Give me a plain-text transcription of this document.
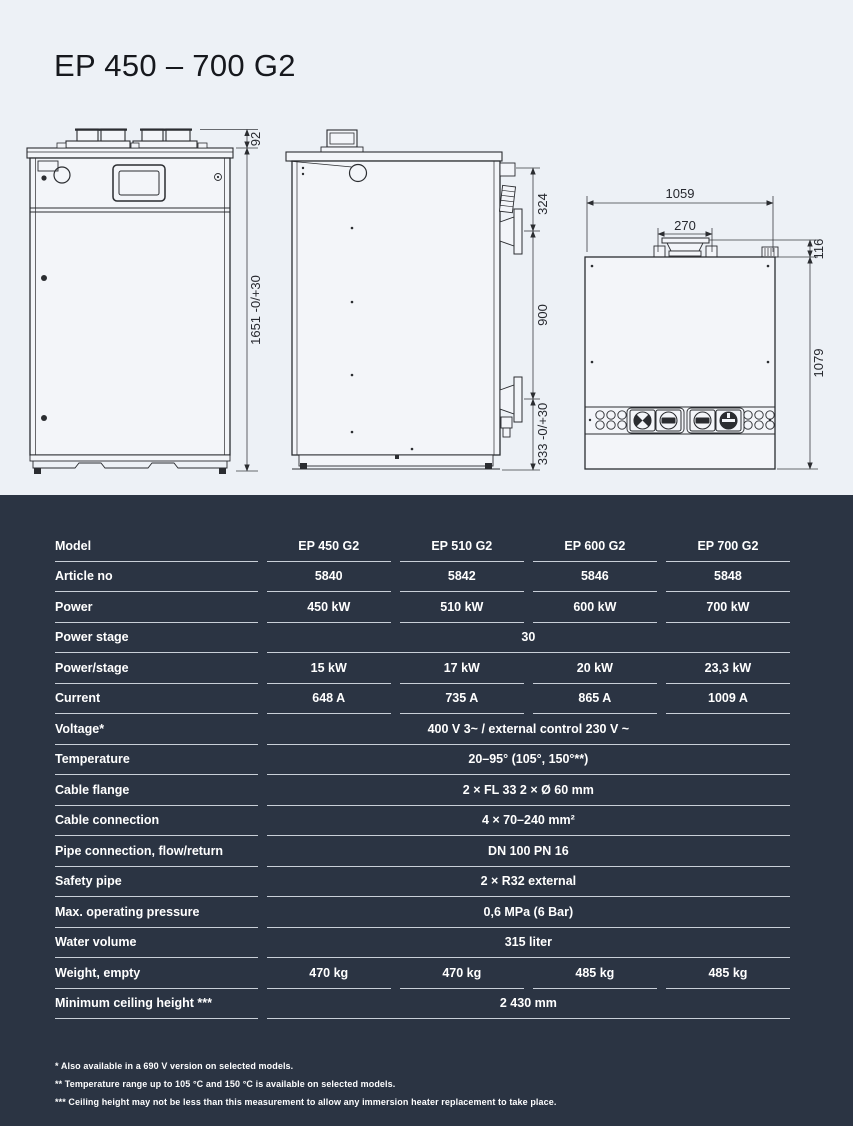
EP 450 – 700 G2
92
1651 -0/+30
324
900
333 -0/+30
1059
270
116
1079
Model	EP 450 G2	EP 510 G2	EP 600 G2	EP 700 G2
Article no	5840	5842	5846	5848
Power	450 kW	510 kW	600 kW	700 kW
Power stage	30			
Power/stage	15 kW	17 kW	20 kW	23,3 kW
Current	648 A	735 A	865 A	1009 A
Voltage*	400 V 3~ / external control 230 V ~			
Temperature	20–95° (105°, 150°**)			
Cable flange	2 × FL 33 2 × Ø 60 mm			
Cable connection	4 × 70–240 mm²			
Pipe connection, flow/return	DN 100 PN 16			
Safety pipe	2 × R32 external			
Max. operating pressure	0,6 MPa (6 Bar)			
Water volume	315 liter			
Weight, empty	470 kg	470 kg	485 kg	485 kg
Minimum ceiling height ***	2 430 mm			

* Also available in a 690 V version on selected models.

** Temperature range up to 105 °C and 150 °C is available on selected models.

*** Ceiling height may not be less than this measurement to allow any immersion heater replacement to take place.
